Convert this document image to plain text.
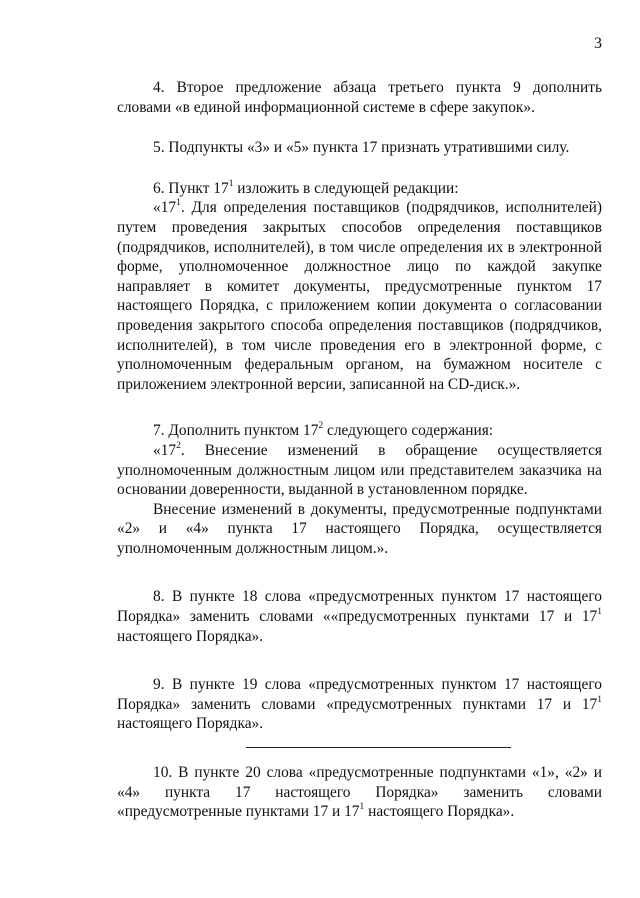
3

4. Второе предложение абзаца третьего пункта 9 дополнить словами «в единой информационной системе в сфере закупок».

5. Подпункты «3» и «5» пункта 17 признать утратившими силу.

6. Пункт $17^1$ изложить в следующей редакции:

«$17^1$. Для определения поставщиков (подрядчиков, исполнителей) путем проведения закрытых способов определения поставщиков (подрядчиков, исполнителей), в том числе определения их в электронной форме, уполномоченное должностное лицо по каждой закупке направляет в комитет документы, предусмотренные пунктом 17 настоящего Порядка, с приложением копии документа о согласовании проведения закрытого способа определения поставщиков (подрядчиков, исполнителей), в том числе проведения его в электронной форме, с уполномоченным федеральным органом, на бумажном носителе с приложением электронной версии, записанной на CD-диск.».

7. Дополнить пунктом $17^2$ следующего содержания:

«$17^2$. Внесение изменений в обращение осуществляется уполномоченным должностным лицом или представителем заказчика на основании доверенности, выданной в установленном порядке.

Внесение изменений в документы, предусмотренные подпунктами «2» и «4» пункта 17 настоящего Порядка, осуществляется уполномоченным должностным лицом.».

8. В пункте 18 слова «предусмотренных пунктом 17 настоящего Порядка» заменить словами ««предусмотренных пунктами 17 и $17^1$ настоящего Порядка».

9. В пункте 19 слова «предусмотренных пунктом 17 настоящего Порядка» заменить словами «предусмотренных пунктами 17 и $17^1$ настоящего Порядка».

10. В пункте 20 слова «предусмотренные подпунктами «1», «2» и «4» пункта 17 настоящего Порядка» заменить словами «предусмотренные пунктами 17 и $17^1$ настоящего Порядка».
